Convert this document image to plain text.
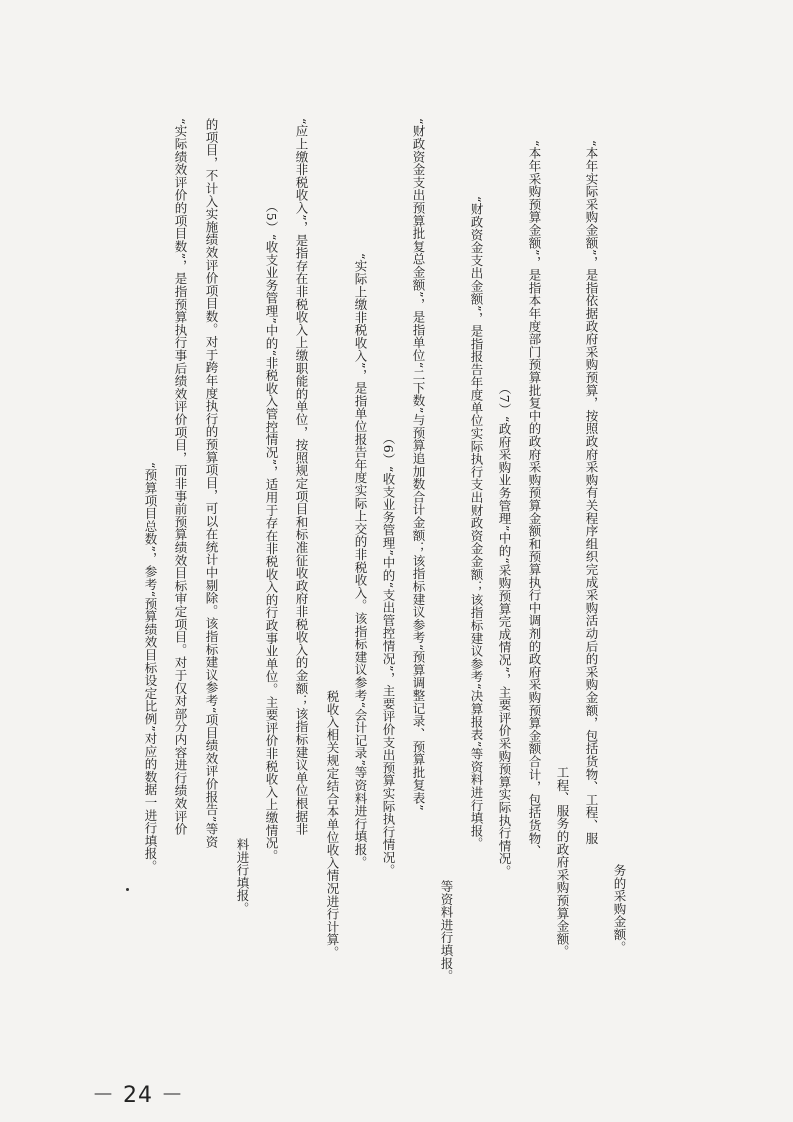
“预算项目总数”，参考“预算绩效目标设定比例”对应的数据一进行填报。	“实际绩效评价的项目数”，是指预算执行事后绩效评价项目，而非事前预算绩效目标审定项目。对于仅对部分内容进行绩效评价	的项目，不计入实施绩效评价项目数。对于跨年度执行的预算项目，可以在统计中剔除。该指标建议参考“项目绩效评价报告”等资
料进行填报。
（5）“收支业务管理”中的“非税收入管控情况”，适用于存在非税收入的行政事业单位。主要评价非税收入上缴情况。	“应上缴非税收入”，是指存在非税收入上缴职能的单位，按照规定项目和标准征收政府非税收入的金额；该指标建议单位根据非	税收入相关规定结合本单位收入情况进行计算。	“实际上缴非税收入”，是指单位报告年度实际上交的非税收入。该指标建议参考“会计记录”等资料进行填报。	（6）“收支业务管理”中的“支出管控情况”，主要评价支出预算实际执行情况。	“财政资金支出预算批复总金额”，是指单位“二下数”与预算追加数合计金额；该指标建议参考“预算调整记录、预算批复表”
等资料进行填报。
“财政资金支出金额”，是指报告年度单位实际执行支出财政资金金额；该指标建议参考“决算报表”等资料进行填报。	（7）“政府采购业务管理”中的“采购预算完成情况”，主要评价采购预算实际执行情况。	“本年采购预算金额”，是指本年度部门预算批复中的政府采购预算金额和预算执行中调剂的政府采购预算金额合计，包括货物、
工程、服务的政府采购预算金额。
“本年实际采购金额”，是指依据政府采购预算，按照政府采购有关程序组织完成采购活动后的采购金额，包括货物、工程、服
务的采购金额。
－ 24 －
